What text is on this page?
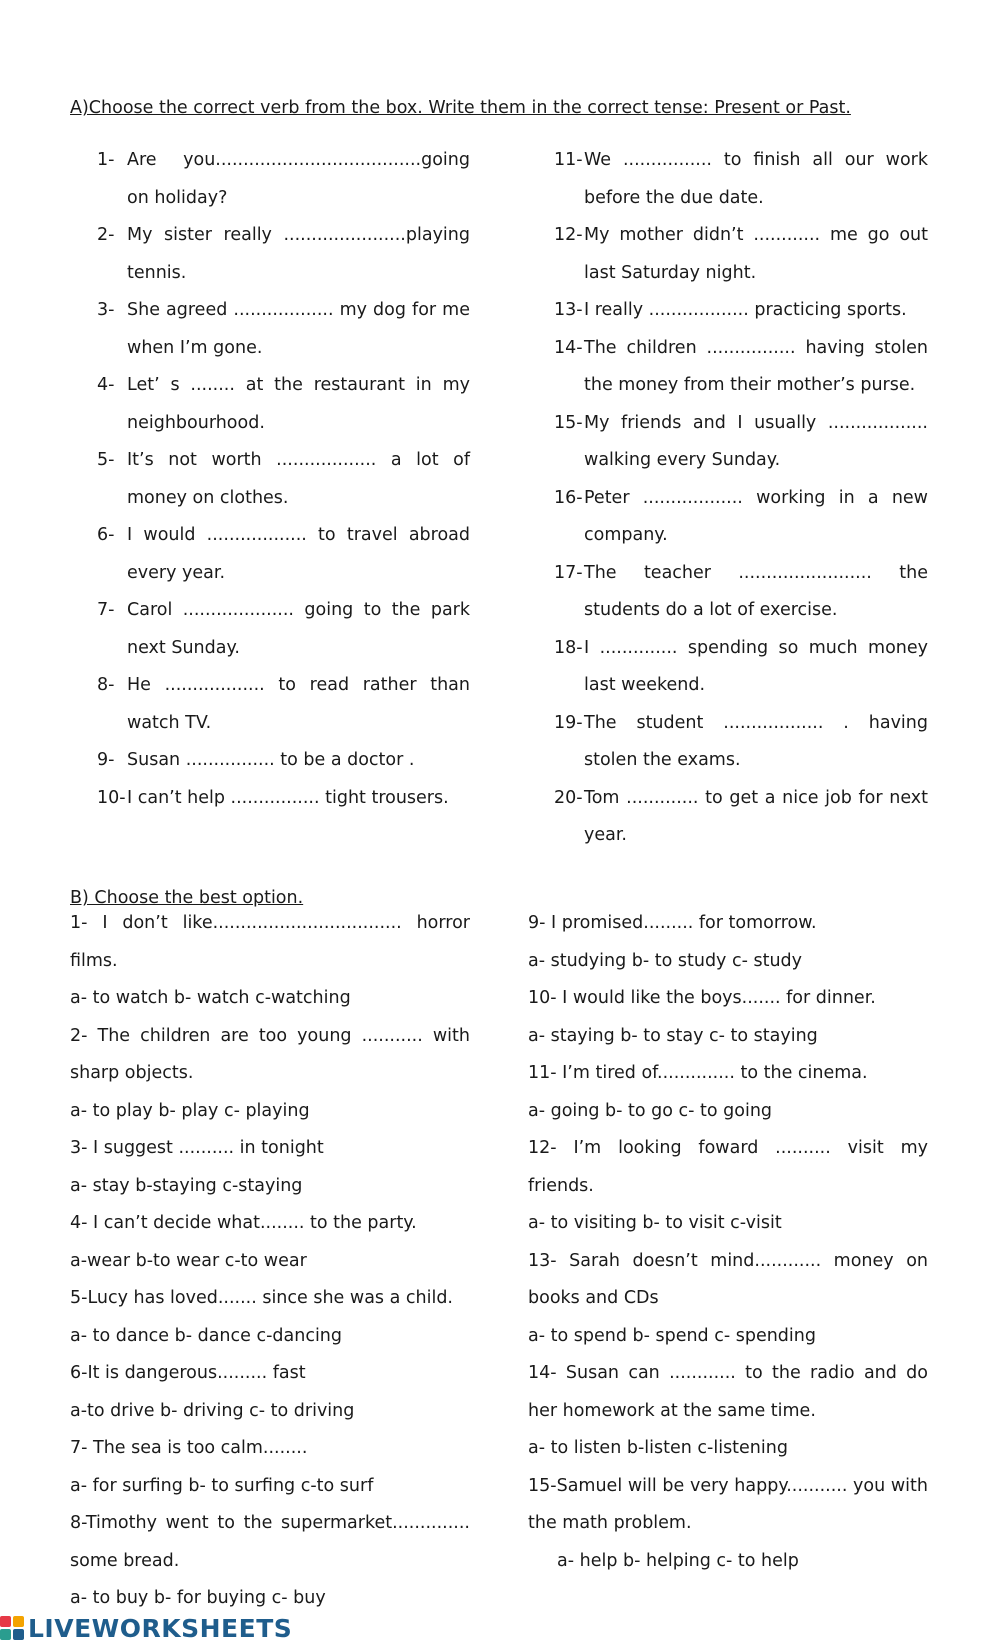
A)Choose the correct verb from the box. Write them in the correct tense: Present or Past.
1- Are you.....................................going on holiday?
2- My sister really ......................playing tennis.
3- She agreed .................. my dog for me when I’m gone.
4- Let’ s ........ at the restaurant in my neighbourhood.
5- It’s not worth .................. a lot of money on clothes.
6- I would .................. to travel abroad every year.
7- Carol .................... going to the park next Sunday.
8- He .................. to read rather than watch TV.
9- Susan ................ to be a doctor .
10- I can’t help ................ tight trousers.
11- We ................ to finish all our work before the due date.
12- My mother didn’t ............ me go out last Saturday night.
13- I really .................. practicing sports.
14- The children ................ having stolen the money from their mother’s purse.
15- My friends and I usually .................. walking every Sunday.
16- Peter .................. working in a new company.
17- The teacher ........................ the students do a lot of exercise.
18- I .............. spending so much money last weekend.
19- The student .................. . having stolen the exams.
20- Tom ............. to get a nice job for next year.
B) Choose the best option.
1- I don’t like.................................. horror films.
a- to watch b- watch c-watching
2- The children are too young ........... with sharp objects.
a- to play b- play c- playing
3- I suggest .......... in tonight
a- stay b-staying c-staying
4- I can’t decide what........ to the party.
a-wear b-to wear c-to wear
5-Lucy has loved....... since she was a child.
a- to dance b- dance c-dancing
6-It is dangerous......... fast
a-to drive b- driving c- to driving
7- The sea is too calm........
a- for surfing b- to surfing c-to surf
8-Timothy went to the supermarket.............. some bread.
a- to buy b- for buying c- buy
9- I promised......... for tomorrow.
a- studying b- to study c- study
10- I would like the boys....... for dinner.
a- staying b- to stay c- to staying
11- I’m tired of.............. to the cinema.
a- going b- to go c- to going
12- I’m looking foward .......... visit my friends.
a- to visiting b- to visit c-visit
13- Sarah doesn’t mind............ money on books and CDs
a- to spend b- spend c- spending
14- Susan can ............ to the radio and do her homework at the same time.
a- to listen b-listen c-listening
15-Samuel will be very happy........... you with the math problem.
a- help b- helping c- to help
LIVEWORKSHEETS
